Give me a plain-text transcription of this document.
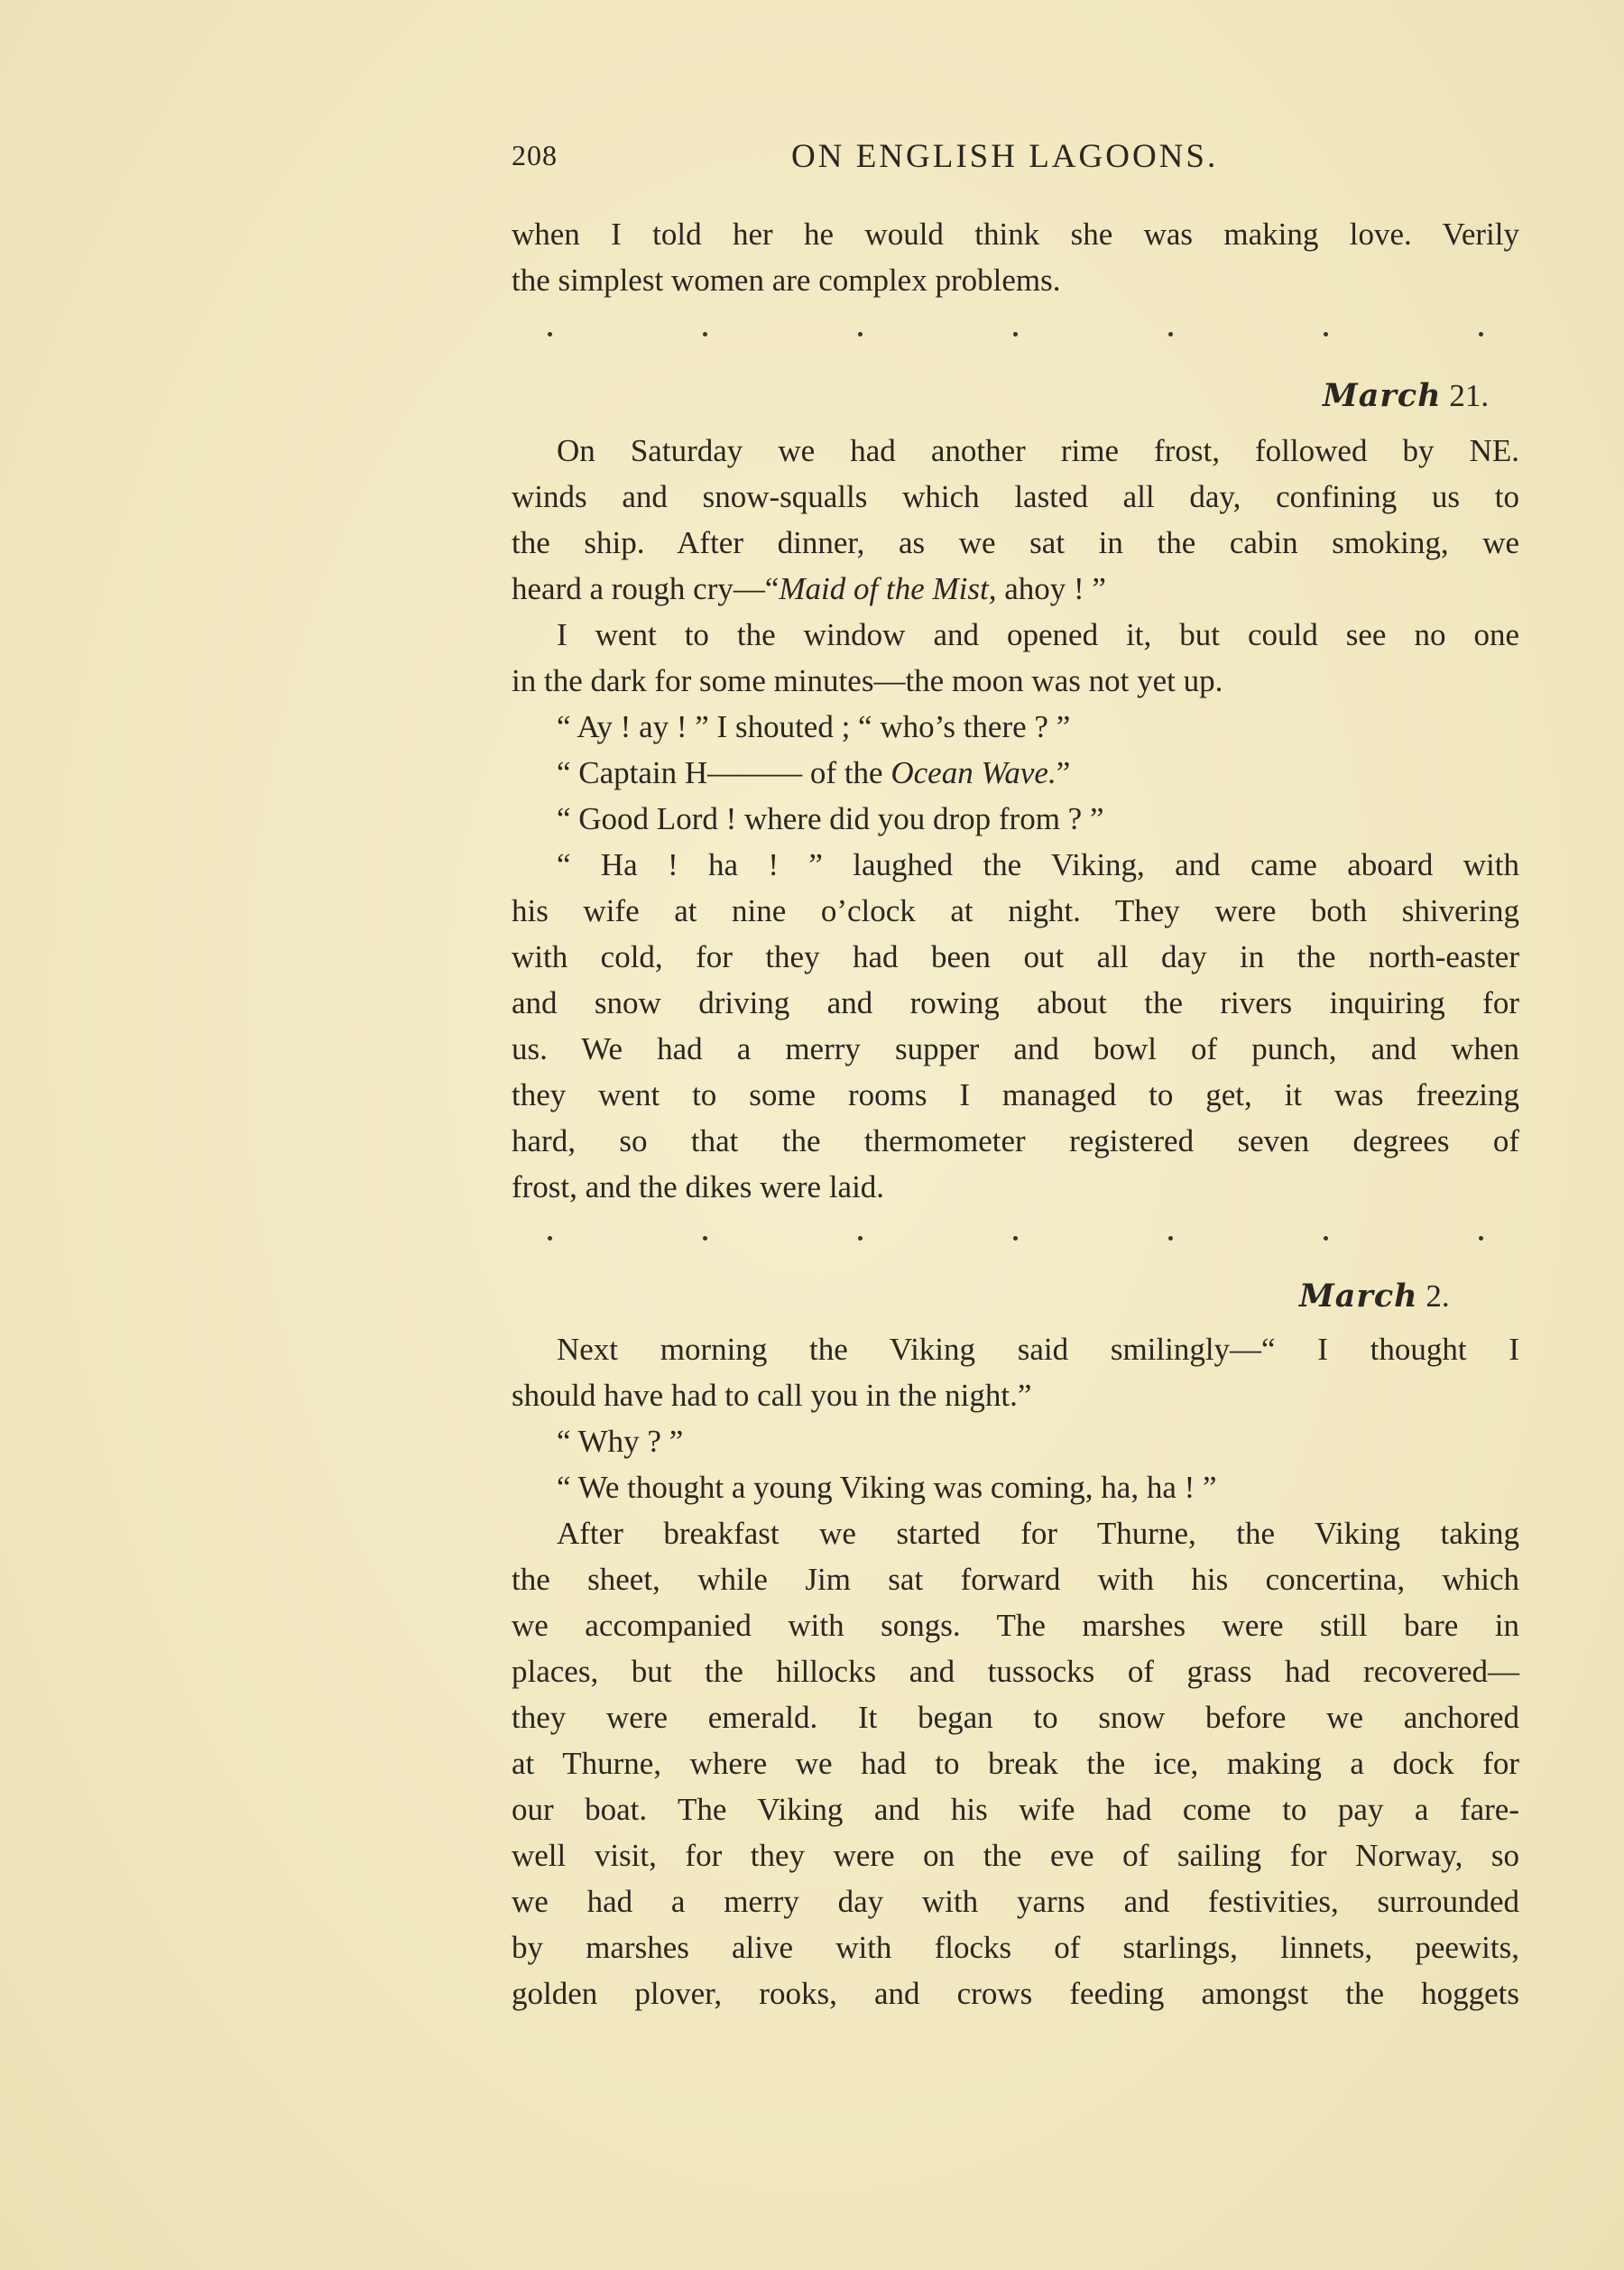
208	ON ENGLISH LAGOONS.
when I told her he would think she was making love. Verily
the simplest women are complex problems.
March 21.
On Saturday we had another rime frost, followed by NE.
winds and snow-squalls which lasted all day, confining us to
the ship. After dinner, as we sat in the cabin smoking, we
heard a rough cry—“Maid of the Mist, ahoy ! ”
I went to the window and opened it, but could see no one
in the dark for some minutes—the moon was not yet up.
“ Ay ! ay ! ” I shouted ; “ who’s there ? ”
“ Captain H——— of the Ocean Wave.”
“ Good Lord ! where did you drop from ? ”
“ Ha ! ha ! ” laughed the Viking, and came aboard with
his wife at nine o’clock at night. They were both shivering
with cold, for they had been out all day in the north-easter
and snow driving and rowing about the rivers inquiring for
us. We had a merry supper and bowl of punch, and when
they went to some rooms I managed to get, it was freezing
hard, so that the thermometer registered seven degrees of
frost, and the dikes were laid.
March 2.
Next morning the Viking said smilingly—“ I thought I
should have had to call you in the night.”
“ Why ? ”
“ We thought a young Viking was coming, ha, ha ! ”
After breakfast we started for Thurne, the Viking taking
the sheet, while Jim sat forward with his concertina, which
we accompanied with songs. The marshes were still bare in
places, but the hillocks and tussocks of grass had recovered—
they were emerald. It began to snow before we anchored
at Thurne, where we had to break the ice, making a dock for
our boat. The Viking and his wife had come to pay a fare-
well visit, for they were on the eve of sailing for Norway, so
we had a merry day with yarns and festivities, surrounded
by marshes alive with flocks of starlings, linnets, peewits,
golden plover, rooks, and crows feeding amongst the hoggets
